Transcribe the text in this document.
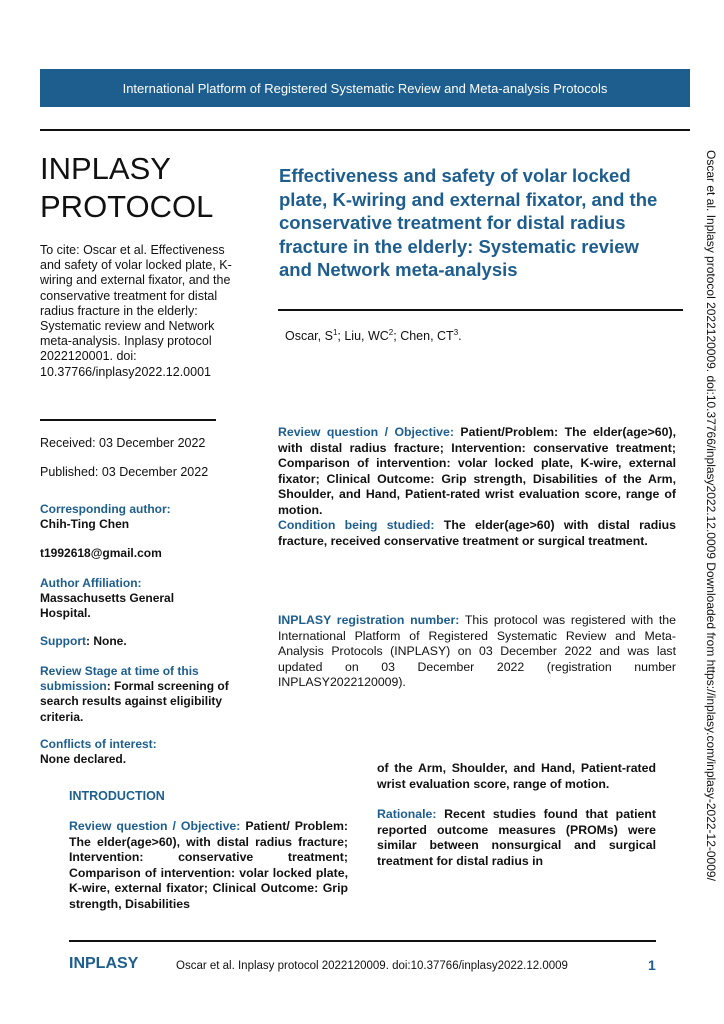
International Platform of Registered Systematic Review and Meta-analysis Protocols
INPLASY PROTOCOL
To cite: Oscar et al. Effectiveness and safety of volar locked plate, K-wiring and external fixator, and the conservative treatment for distal radius fracture in the elderly: Systematic review and Network meta-analysis. Inplasy protocol 2022120001. doi: 10.37766/inplasy2022.12.0001
Received: 03 December 2022
Published: 03 December 2022
Corresponding author:
Chih-Ting Chen
t1992618@gmail.com
Author Affiliation:
Massachusetts General Hospital.
Support: None.
Review Stage at time of this submission: Formal screening of search results against eligibility criteria.
Conflicts of interest:
None declared.
Effectiveness and safety of volar locked plate, K-wiring and external fixator, and the conservative treatment for distal radius fracture in the elderly: Systematic review and Network meta-analysis
Oscar, $S^1$; Liu, $WC^2$; Chen, $CT^3$.

Review question / Objective: Patient/Problem: The elder(age>60), with distal radius fracture; Intervention: conservative treatment; Comparison of intervention: volar locked plate, K-wire, external fixator; Clinical Outcome: Grip strength, Disabilities of the Arm, Shoulder, and Hand, Patient-rated wrist evaluation score, range of motion.

Condition being studied: The elder(age>60) with distal radius fracture, received conservative treatment or surgical treatment.

INPLASY registration number: This protocol was registered with the International Platform of Registered Systematic Review and Meta-Analysis Protocols (INPLASY) on 03 December 2022 and was last updated on 03 December 2022 (registration number INPLASY2022120009).
INTRODUCTION
Review question / Objective: Patient/ Problem: The elder(age>60), with distal radius fracture; Intervention: conservative treatment; Comparison of intervention: volar locked plate, K-wire, external fixator; Clinical Outcome: Grip strength, Disabilities
of the Arm, Shoulder, and Hand, Patient-rated wrist evaluation score, range of motion.
Rationale: Recent studies found that patient reported outcome measures (PROMs) were similar between nonsurgical and surgical treatment for distal radius in	Oscar et al. Inplasy protocol 2022120009. doi:10.37766/inplasy2022.12.0009 Downloaded from https://inplasy.com/inplasy-2022-12-0009/
INPLASY	Oscar et al. Inplasy protocol 2022120009. doi:10.37766/inplasy2022.12.0009	1
